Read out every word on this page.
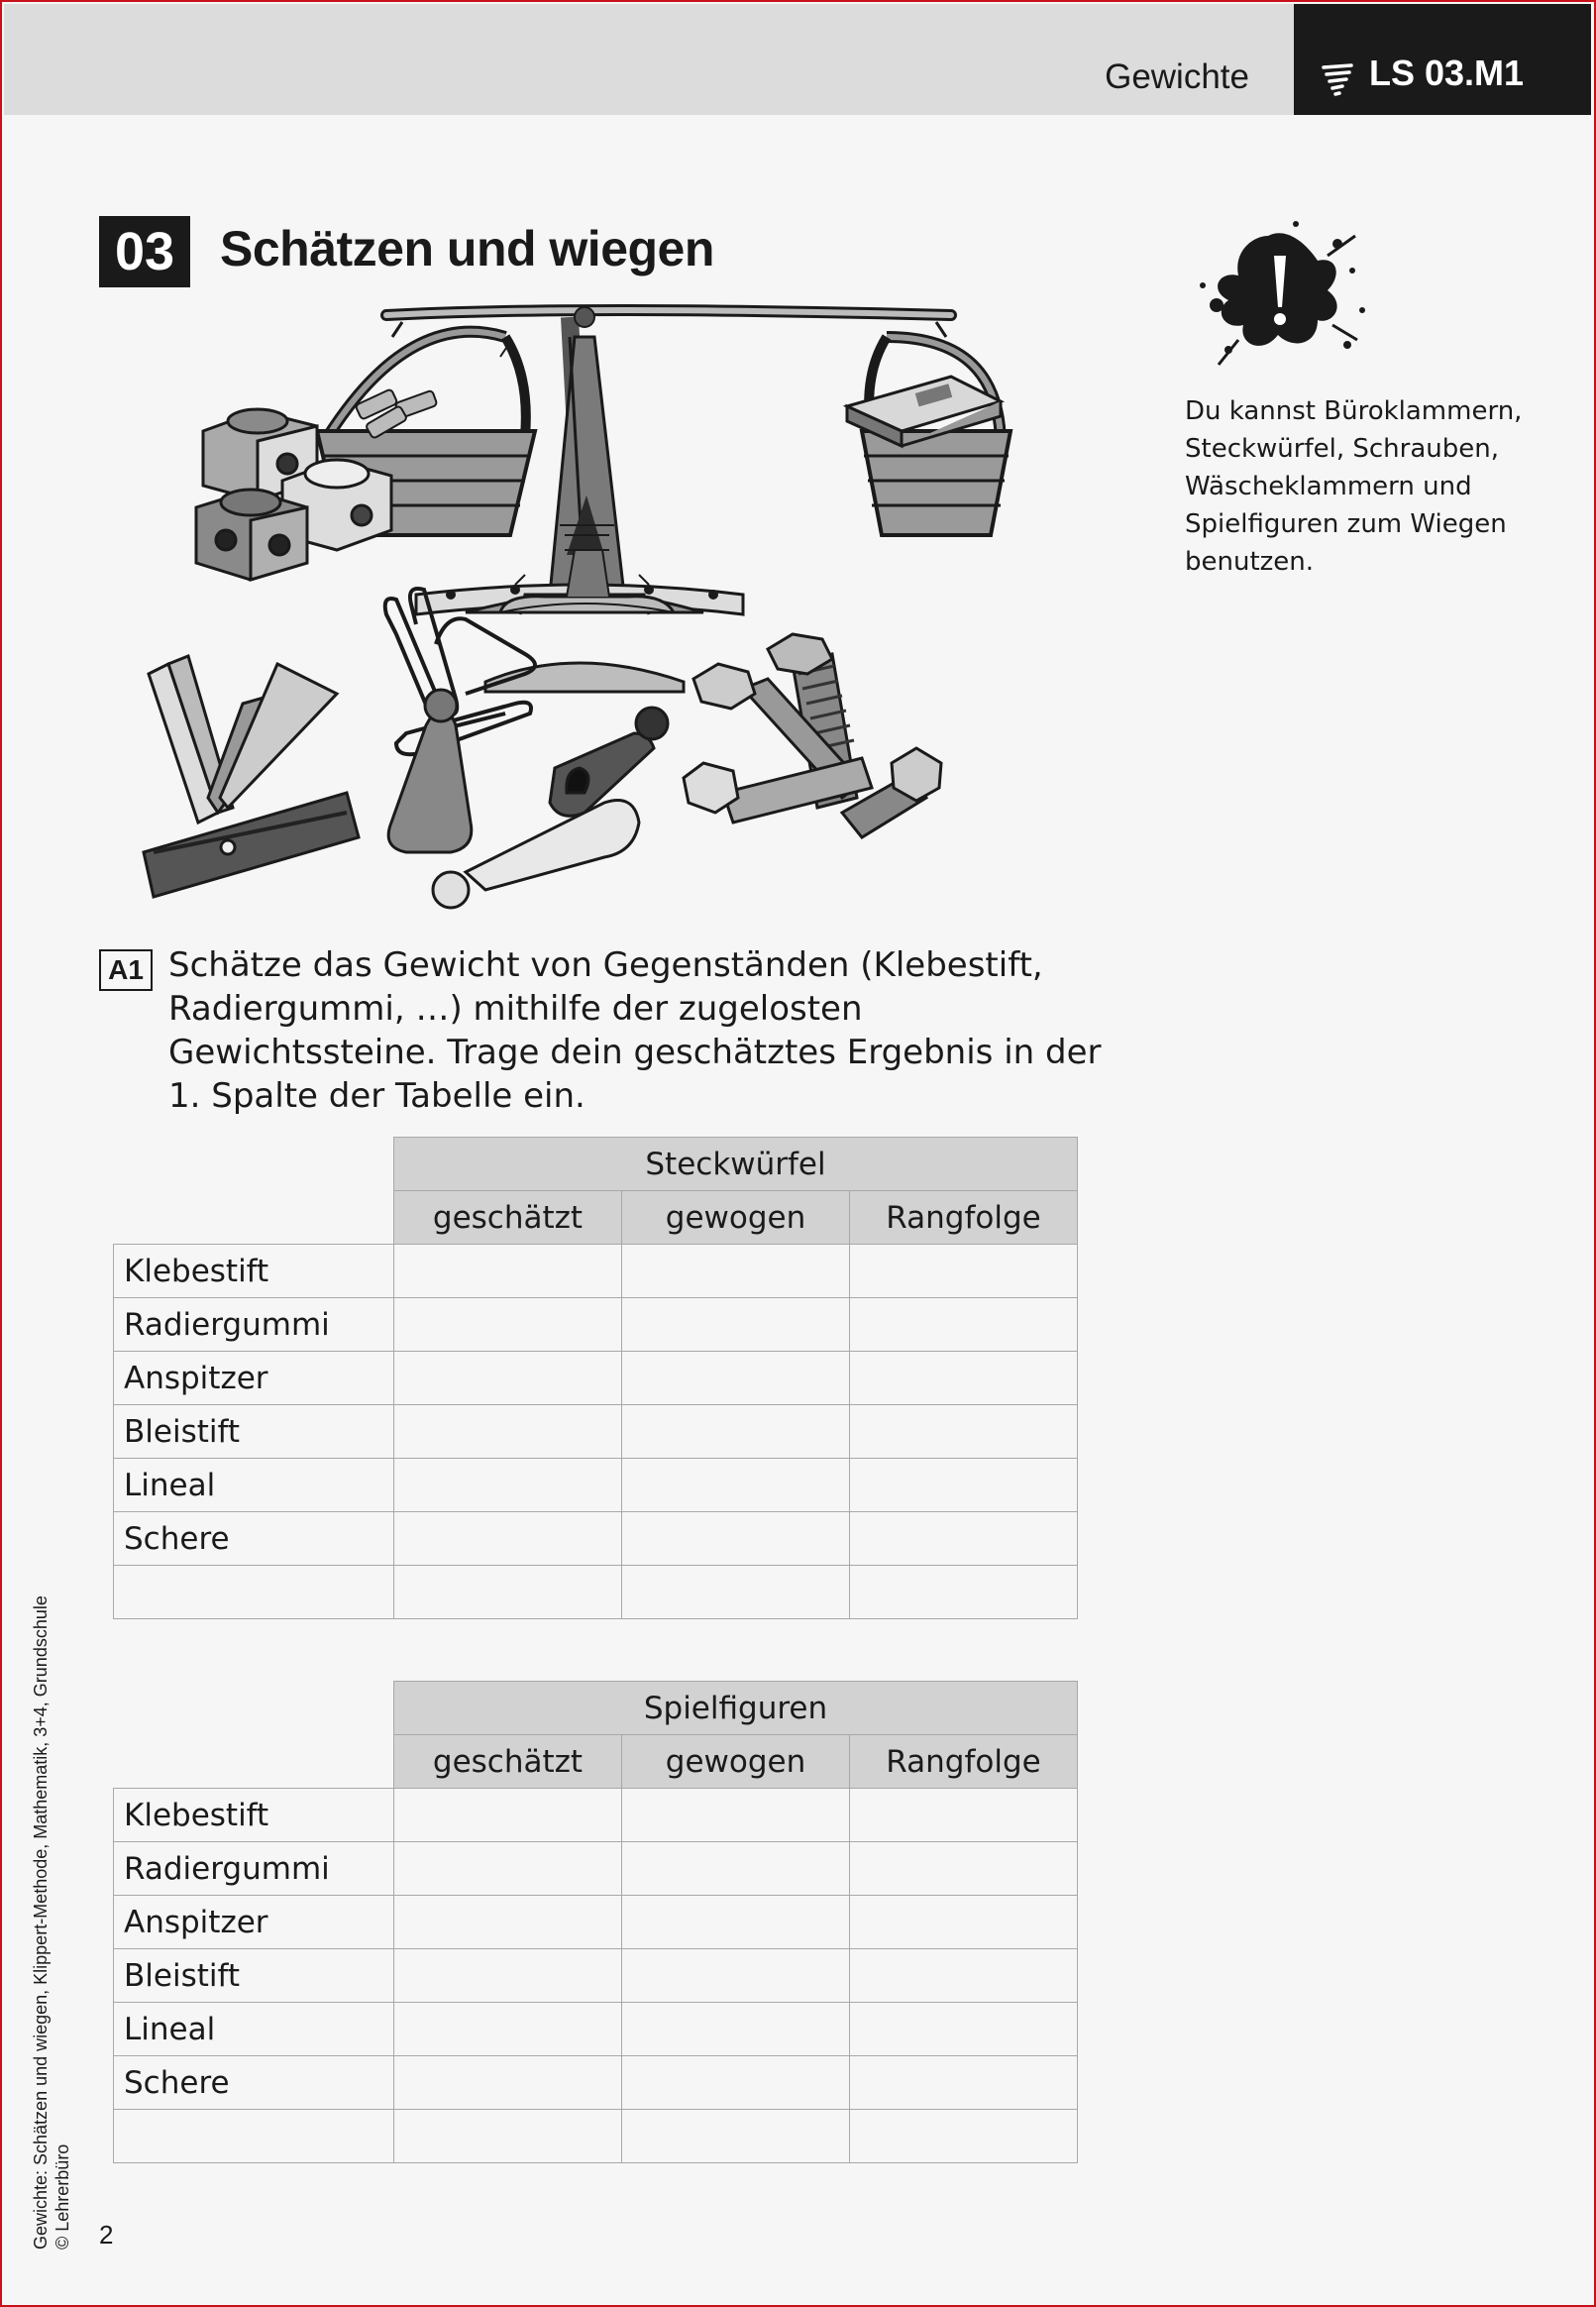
Gewichte	LS 03.M1
03 Schätzen und wiegen
Du kannst Büroklammern, Steckwürfel, Schrauben, Wäscheklammern und Spielfiguren zum Wiegen benutzen.
A1 Schätze das Gewicht von Gegenständen (Klebestift, Radiergummi, …) mithilfe der zugelosten Gewichtssteine. Trage dein geschätztes Ergebnis in der 1. Spalte der Tabelle ein.
	Steckwürfel		
	geschätzt	gewogen	Rangfolge
Klebestift			
Radiergummi			
Anspitzer			
Bleistift			
Lineal			
Schere			

	Spielfiguren		
	geschätzt	gewogen	Rangfolge
Klebestift			
Radiergummi			
Anspitzer			
Bleistift			
Lineal			
Schere			

Gewichte: Schätzen und wiegen, Klippert-Methode, Mathematik, 3+4, Grundschule © Lehrerbüro 2
